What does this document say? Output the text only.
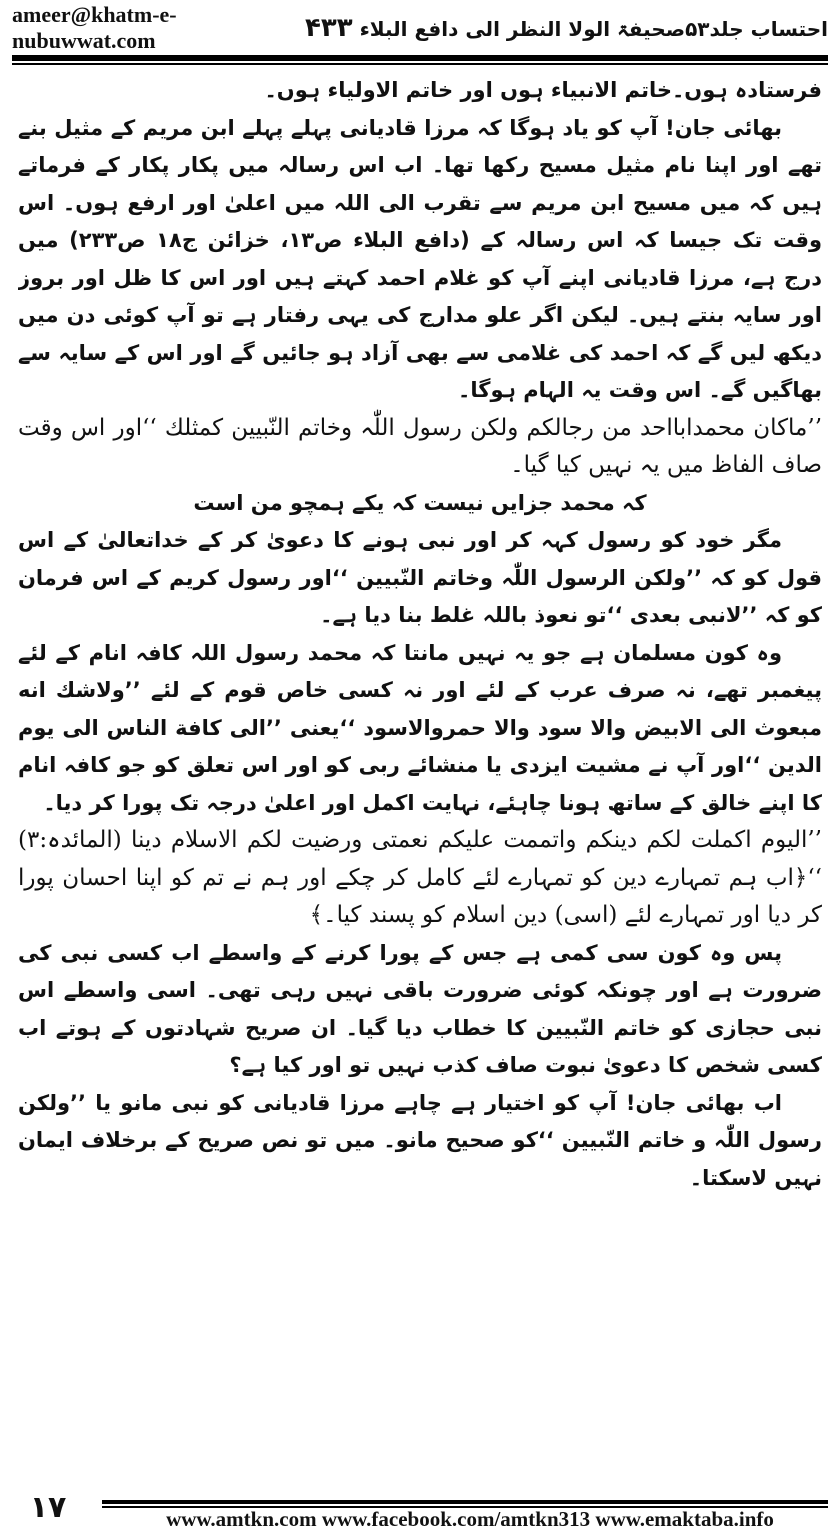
ameer@khatm-e-nubuwwat.com	احتساب جلد۵۳صحیفۃ الولا النظر الی دافع البلاء ۴۳۳

فرستادہ ہوں۔خاتم الانبیاء ہوں اور خاتم الاولیاء ہوں۔

بھائی جان! آپ کو یاد ہوگا کہ مرزا قادیانی پہلے پہلے ابن مریم کے مثیل بنے تھے اور اپنا نام مثیل مسیح رکھا تھا۔ اب اس رسالہ میں پکار پکار کے فرماتے ہیں کہ میں مسیح ابن مریم سے تقرب الی اللہ میں اعلیٰ اور ارفع ہوں۔ اس وقت تک جیسا کہ اس رسالہ کے (دافع البلاء ص۱۳، خزائن ج۱۸ ص۲۳۳) میں درج ہے، مرزا قادیانی اپنے آپ کو غلام احمد کہتے ہیں اور اس کا ظل اور بروز اور سایہ بنتے ہیں۔ لیکن اگر علو مدارج کی یہی رفتار ہے تو آپ کوئی دن میں دیکھ لیں گے کہ احمد کی غلامی سے بھی آزاد ہو جائیں گے اور اس کے سایہ سے بھاگیں گے۔ اس وقت یہ الہام ہوگا۔

’’ماکان محمدابااحد من رجالکم ولکن رسول اللّٰہ وخاتم النّبیین کمثلك ‘‘اور اس وقت صاف الفاظ میں یہ نہیں کیا گیا۔

کہ محمد جزایں نیست کہ یکے ہمچو من است

مگر خود کو رسول کہہ کر اور نبی ہونے کا دعویٰ کر کے خداتعالیٰ کے اس قول کو کہ ’’ولکن الرسول اللّٰہ وخاتم النّبیین ‘‘اور رسول کریم کے اس فرمان کو کہ ’’لانبی بعدی ‘‘تو نعوذ باللہ غلط بنا دیا ہے۔

وہ کون مسلمان ہے جو یہ نہیں مانتا کہ محمد رسول اللہ کافہ انام کے لئے پیغمبر تھے، نہ صرف عرب کے لئے اور نہ کسی خاص قوم کے لئے ’’ولاشك انه مبعوث الی الابیض والا سود والا حمروالاسود ‘‘یعنی ’’الی کافة الناس الی یوم الدین ‘‘اور آپ نے مشیت ایزدی یا منشائے ربی کو اور اس تعلق کو جو کافہ انام کا اپنے خالق کے ساتھ ہونا چاہئے، نہایت اکمل اور اعلیٰ درجہ تک پورا کر دیا۔

’’الیوم اکملت لکم دینکم واتممت علیکم نعمتی ورضیت لکم الاسلام دینا (المائدہ:۳) ‘‘﴿اب ہم تمہارے دین کو تمہارے لئے کامل کر چکے اور ہم نے تم کو اپنا احسان پورا کر دیا اور تمہارے لئے (اسی) دین اسلام کو پسند کیا۔﴾

پس وہ کون سی کمی ہے جس کے پورا کرنے کے واسطے اب کسی نبی کی ضرورت ہے اور چونکہ کوئی ضرورت باقی نہیں رہی تھی۔ اسی واسطے اس نبی حجازی کو خاتم النّبیین کا خطاب دیا گیا۔ ان صریح شہادتوں کے ہوتے اب کسی شخص کا دعویٰ نبوت صاف کذب نہیں تو اور کیا ہے؟

اب بھائی جان! آپ کو اختیار ہے چاہے مرزا قادیانی کو نبی مانو یا ’’ولکن رسول اللّٰہ و خاتم النّبیین ‘‘کو صحیح مانو۔ میں تو نص صریح کے برخلاف ایمان نہیں لاسکتا۔

۱۷	www.amtkn.com www.facebook.com/amtkn313 www.emaktaba.info
